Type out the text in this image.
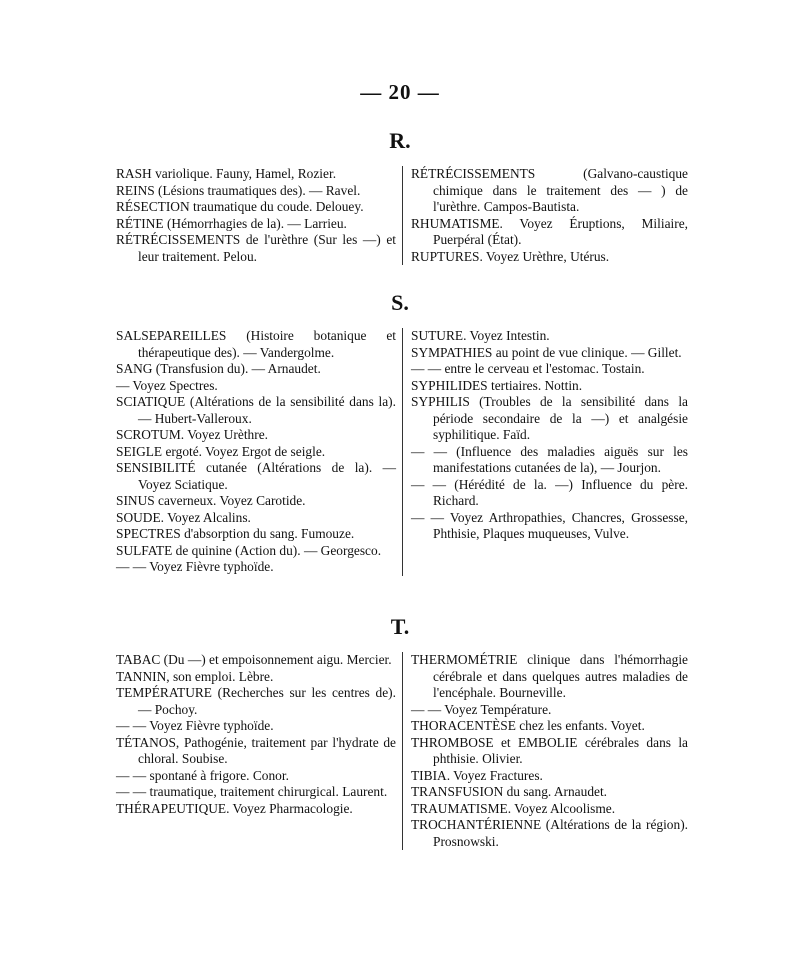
— 20 —
R.

RASH variolique. Fauny, Hamel, Rozier.

REINS (Lésions traumatiques des). — Ravel.

RÉSECTION traumatique du coude. Delouey.

RÉTINE (Hémorrhagies de la). — Larrieu.

RÉTRÉCISSEMENTS de l'urèthre (Sur les —) et leur traitement. Pelou.

RÉTRÉCISSEMENTS (Galvano-caustique chimique dans le traitement des — ) de l'urèthre. Campos-Bautista.

RHUMATISME. Voyez Éruptions, Miliaire, Puerpéral (État).

RUPTURES. Voyez Urèthre, Utérus.

S.

SALSEPAREILLES (Histoire botanique et thérapeutique des). — Vandergolme.

SANG (Transfusion du). — Arnaudet.

— Voyez Spectres.

SCIATIQUE (Altérations de la sensibilité dans la). — Hubert-Valleroux.

SCROTUM. Voyez Urèthre.

SEIGLE ergoté. Voyez Ergot de seigle.

SENSIBILITÉ cutanée (Altérations de la). — Voyez Sciatique.

SINUS caverneux. Voyez Carotide.

SOUDE. Voyez Alcalins.

SPECTRES d'absorption du sang. Fumouze.

SULFATE de quinine (Action du). — Georgesco.

— — Voyez Fièvre typhoïde.

SUTURE. Voyez Intestin.

SYMPATHIES au point de vue clinique. — Gillet.

— — entre le cerveau et l'estomac. Tostain.

SYPHILIDES tertiaires. Nottin.

SYPHILIS (Troubles de la sensibilité dans la période secondaire de la —) et analgésie syphilitique. Faïd.

— — (Influence des maladies aiguës sur les manifestations cutanées de la), — Jourjon.

— — (Hérédité de la. —) Influence du père. Richard.

— — Voyez Arthropathies, Chancres, Grossesse, Phthisie, Plaques muqueuses, Vulve.

T.

TABAC (Du —) et empoisonnement aigu. Mercier.

TANNIN, son emploi. Lèbre.

TEMPÉRATURE (Recherches sur les centres de). — Pochoy.

— — Voyez Fièvre typhoïde.

TÉTANOS, Pathogénie, traitement par l'hydrate de chloral. Soubise.

— — spontané à frigore. Conor.

— — traumatique, traitement chirurgical. Laurent.

THÉRAPEUTIQUE. Voyez Pharmacologie.

THERMOMÉTRIE clinique dans l'hémorrhagie cérébrale et dans quelques autres maladies de l'encéphale. Bourneville.

— — Voyez Température.

THORACENTÈSE chez les enfants. Voyet.

THROMBOSE et EMBOLIE cérébrales dans la phthisie. Olivier.

TIBIA. Voyez Fractures.

TRANSFUSION du sang. Arnaudet.

TRAUMATISME. Voyez Alcoolisme.

TROCHANTÉRIENNE (Altérations de la région). Prosnowski.
